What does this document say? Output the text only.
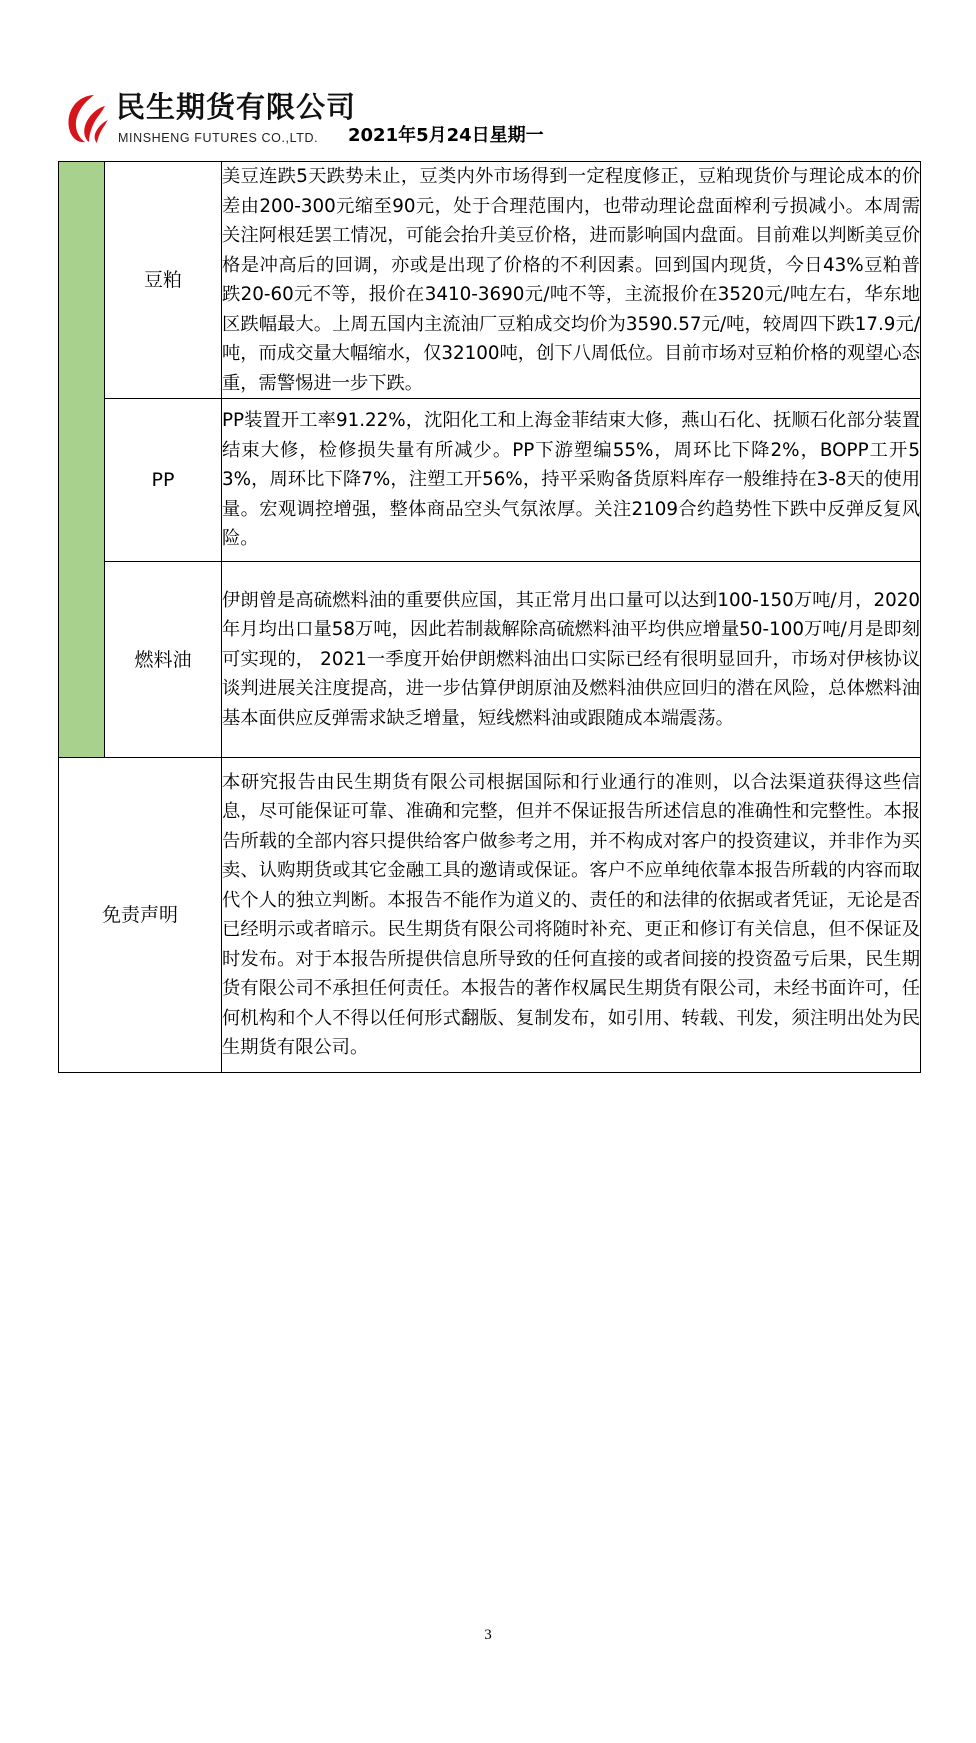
民生期货有限公司
MINSHENG FUTURES CO.,LTD. 2021年5月24日星期一
	豆粕	美豆连跌5天跌势未止，豆类内外市场得到一定程度修正，豆粕现货价与理论成本的价差由200-300元缩至90元，处于合理范围内，也带动理论盘面榨利亏损减小。本周需关注阿根廷罢工情况，可能会抬升美豆价格，进而影响国内盘面。目前难以判断美豆价格是冲高后的回调，亦或是出现了价格的不利因素。回到国内现货，今日43%豆粕普跌20-60元不等，报价在3410-3690元/吨不等，主流报价在3520元/吨左右，华东地区跌幅最大。上周五国内主流油厂豆粕成交均价为3590.57元/吨，较周四下跌17.9元/吨，而成交量大幅缩水，仅32100吨，创下八周低位。目前市场对豆粕价格的观望心态重，需警惕进一步下跌。
	PP	PP装置开工率91.22%，沈阳化工和上海金菲结束大修，燕山石化、抚顺石化部分装置结束大修，检修损失量有所减少。PP下游塑编55%，周环比下降2%，BOPP工开53%，周环比下降7%，注塑工开56%，持平采购备货原料库存一般维持在3-8天的使用量。宏观调控增强，整体商品空头气氛浓厚。关注2109合约趋势性下跌中反弹反复风险。
	燃料油	伊朗曾是高硫燃料油的重要供应国，其正常月出口量可以达到100-150万吨/月，2020年月均出口量58万吨，因此若制裁解除高硫燃料油平均供应增量50-100万吨/月是即刻可实现的， 2021一季度开始伊朗燃料油出口实际已经有很明显回升，市场对伊核协议谈判进展关注度提高，进一步估算伊朗原油及燃料油供应回归的潜在风险，总体燃料油基本面供应反弹需求缺乏增量，短线燃料油或跟随成本端震荡。
免责声明		本研究报告由民生期货有限公司根据国际和行业通行的准则，以合法渠道获得这些信息，尽可能保证可靠、准确和完整，但并不保证报告所述信息的准确性和完整性。本报告所载的全部内容只提供给客户做参考之用，并不构成对客户的投资建议，并非作为买卖、认购期货或其它金融工具的邀请或保证。客户不应单纯依靠本报告所载的内容而取代个人的独立判断。本报告不能作为道义的、责任的和法律的依据或者凭证，无论是否已经明示或者暗示。民生期货有限公司将随时补充、更正和修订有关信息，但不保证及时发布。对于本报告所提供信息所导致的任何直接的或者间接的投资盈亏后果，民生期货有限公司不承担任何责任。本报告的著作权属民生期货有限公司，未经书面许可，任何机构和个人不得以任何形式翻版、复制发布，如引用、转载、刊发，须注明出处为民生期货有限公司。
3
